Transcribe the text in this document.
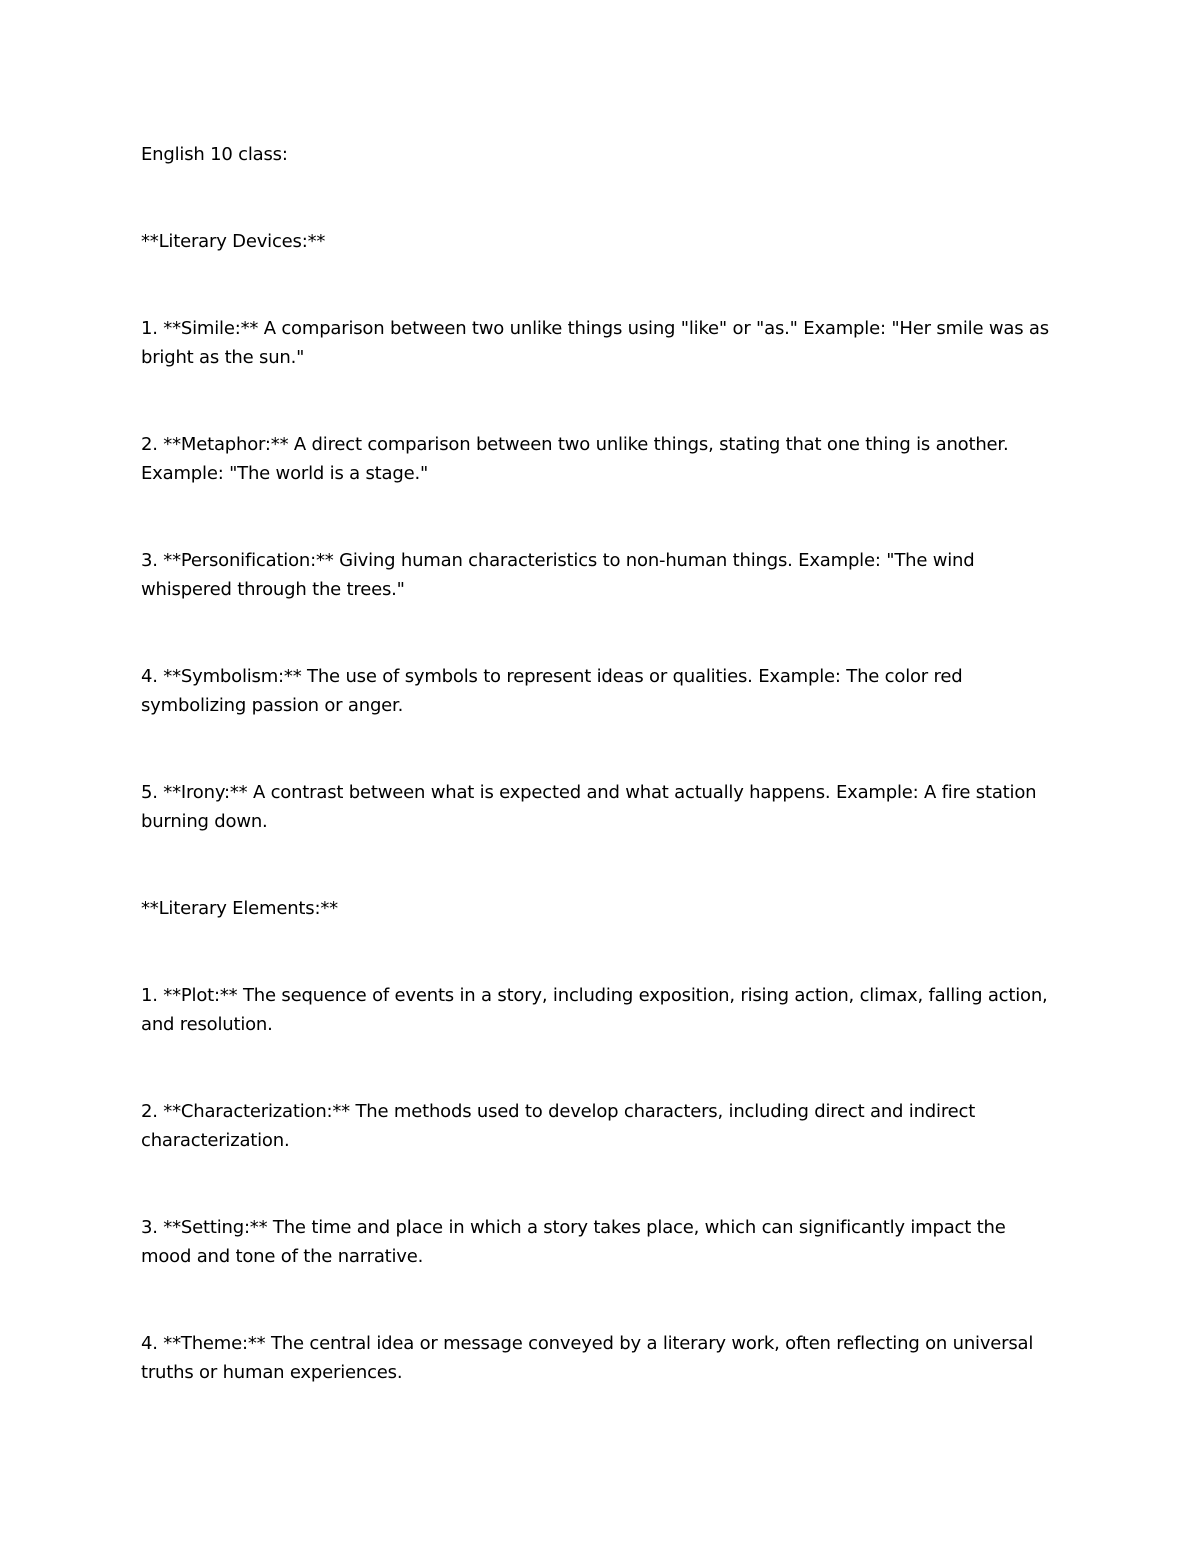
English 10 class:

**Literary Devices:**

1. **Simile:** A comparison between two unlike things using "like" or "as." Example: "Her smile was as bright as the sun."

2. **Metaphor:** A direct comparison between two unlike things, stating that one thing is another. Example: "The world is a stage."

3. **Personification:** Giving human characteristics to non-human things. Example: "The wind whispered through the trees."

4. **Symbolism:** The use of symbols to represent ideas or qualities. Example: The color red symbolizing passion or anger.

5. **Irony:** A contrast between what is expected and what actually happens. Example: A fire station burning down.

**Literary Elements:**

1. **Plot:** The sequence of events in a story, including exposition, rising action, climax, falling action, and resolution.

2. **Characterization:** The methods used to develop characters, including direct and indirect characterization.

3. **Setting:** The time and place in which a story takes place, which can significantly impact the mood and tone of the narrative.

4. **Theme:** The central idea or message conveyed by a literary work, often reflecting on universal truths or human experiences.
